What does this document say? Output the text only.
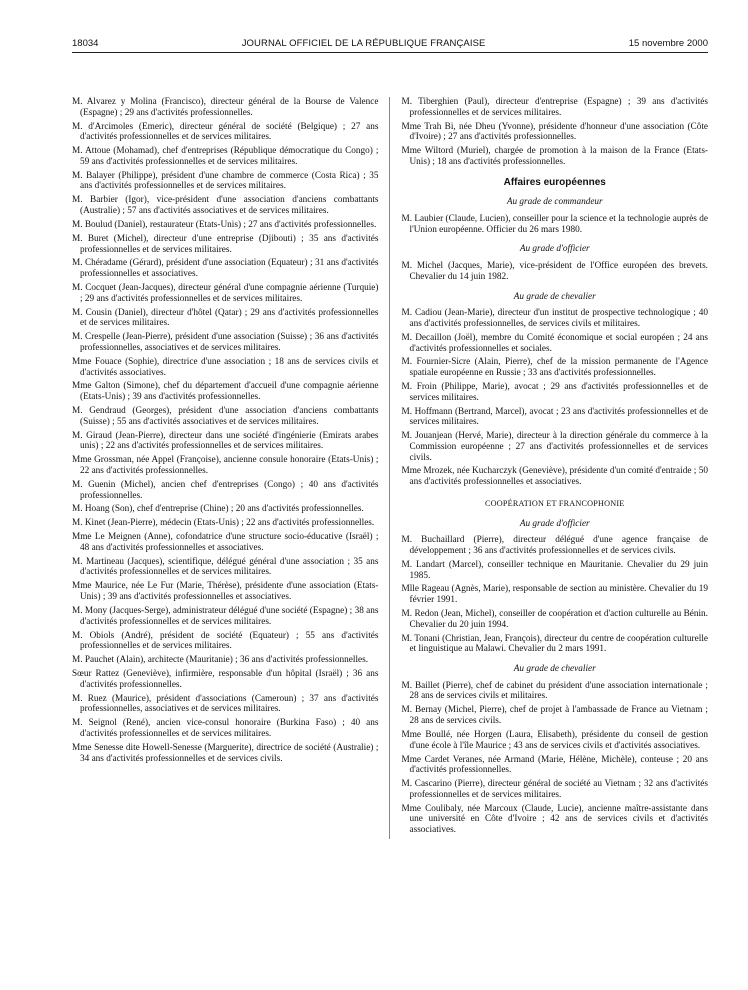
18034	JOURNAL OFFICIEL DE LA RÉPUBLIQUE FRANÇAISE	15 novembre 2000

M. Alvarez y Molina (Francisco), directeur général de la Bourse de Valence (Espagne) ; 29 ans d'activités professionnelles.

M. d'Arcimoles (Emeric), directeur général de société (Belgique) ; 27 ans d'activités professionnelles et de services militaires.

M. Attoue (Mohamad), chef d'entreprises (République démocratique du Congo) ; 59 ans d'activités professionnelles et de services militaires.

M. Balayer (Philippe), président d'une chambre de commerce (Costa Rica) ; 35 ans d'activités professionnelles et de services militaires.

M. Barbier (Igor), vice-président d'une association d'anciens combattants (Australie) ; 57 ans d'activités associatives et de services militaires.

M. Boulud (Daniel), restaurateur (Etats-Unis) ; 27 ans d'activités professionnelles.

M. Buret (Michel), directeur d'une entreprise (Djibouti) ; 35 ans d'activités professionnelles et de services militaires.

M. Chéradame (Gérard), président d'une association (Equateur) ; 31 ans d'activités professionnelles et associatives.

M. Cocquet (Jean-Jacques), directeur général d'une compagnie aérienne (Turquie) ; 29 ans d'activités professionnelles et de services militaires.

M. Cousin (Daniel), directeur d'hôtel (Qatar) ; 29 ans d'activités professionnelles et de services militaires.

M. Crespelle (Jean-Pierre), président d'une association (Suisse) ; 36 ans d'activités professionnelles, associatives et de services militaires.

Mme Fouace (Sophie), directrice d'une association ; 18 ans de services civils et d'activités associatives.

Mme Galton (Simone), chef du département d'accueil d'une compagnie aérienne (Etats-Unis) ; 39 ans d'activités professionnelles.

M. Gendraud (Georges), président d'une association d'anciens combattants (Suisse) ; 55 ans d'activités associatives et de services militaires.

M. Giraud (Jean-Pierre), directeur dans une société d'ingénierie (Emirats arabes unis) ; 22 ans d'activités professionnelles et de services militaires.

Mme Grossman, née Appel (Françoise), ancienne consule honoraire (Etats-Unis) ; 22 ans d'activités professionnelles.

M. Guenin (Michel), ancien chef d'entreprises (Congo) ; 40 ans d'activités professionnelles.

M. Hoang (Son), chef d'entreprise (Chine) ; 20 ans d'activités professionnelles.

M. Kinet (Jean-Pierre), médecin (Etats-Unis) ; 22 ans d'activités professionnelles.

Mme Le Meignen (Anne), cofondatrice d'une structure socio-éducative (Israël) ; 48 ans d'activités professionnelles et associatives.

M. Martineau (Jacques), scientifique, délégué général d'une association ; 35 ans d'activités professionnelles et de services militaires.

Mme Maurice, née Le Fur (Marie, Thérèse), présidente d'une association (Etats-Unis) ; 39 ans d'activités professionnelles et associatives.

M. Mony (Jacques-Serge), administrateur délégué d'une société (Espagne) ; 38 ans d'activités professionnelles et de services militaires.

M. Obiols (André), président de société (Equateur) ; 55 ans d'activités professionnelles et de services militaires.

M. Pauchet (Alain), architecte (Mauritanie) ; 36 ans d'activités professionnelles.

Sœur Rattez (Geneviève), infirmière, responsable d'un hôpital (Israël) ; 36 ans d'activités professionnelles.

M. Ruez (Maurice), président d'associations (Cameroun) ; 37 ans d'activités professionnelles, associatives et de services militaires.

M. Seignol (René), ancien vice-consul honoraire (Burkina Faso) ; 40 ans d'activités professionnelles et de services militaires.

Mme Senesse dite Howell-Senesse (Marguerite), directrice de société (Australie) ; 34 ans d'activités professionnelles et de services civils.

M. Tiberghien (Paul), directeur d'entreprise (Espagne) ; 39 ans d'activités professionnelles et de services militaires.

Mme Trah Bi, née Dheu (Yvonne), présidente d'honneur d'une association (Côte d'Ivoire) ; 27 ans d'activités professionnelles.

Mme Wiltord (Muriel), chargée de promotion à la maison de la France (Etats-Unis) ; 18 ans d'activités professionnelles.

Affaires européennes
Au grade de commandeur

M. Laubier (Claude, Lucien), conseiller pour la science et la technologie auprès de l'Union européenne. Officier du 26 mars 1980.

Au grade d'officier

M. Michel (Jacques, Marie), vice-président de l'Office européen des brevets. Chevalier du 14 juin 1982.

Au grade de chevalier

M. Cadiou (Jean-Marie), directeur d'un institut de prospective technologique ; 40 ans d'activités professionnelles, de services civils et militaires.

M. Decaillon (Joël), membre du Comité économique et social européen ; 24 ans d'activités professionnelles et sociales.

M. Fournier-Sicre (Alain, Pierre), chef de la mission permanente de l'Agence spatiale européenne en Russie ; 33 ans d'activités professionnelles.

M. Froin (Philippe, Marie), avocat ; 29 ans d'activités professionnelles et de services militaires.

M. Hoffmann (Bertrand, Marcel), avocat ; 23 ans d'activités professionnelles et de services militaires.

M. Jouanjean (Hervé, Marie), directeur à la direction générale du commerce à la Commission européenne ; 27 ans d'activités professionnelles et de services civils.

Mme Mrozek, née Kucharczyk (Geneviève), présidente d'un comité d'entraide ; 50 ans d'activités professionnelles et associatives.

COOPÉRATION ET FRANCOPHONIE
Au grade d'officier

M. Buchaillard (Pierre), directeur délégué d'une agence française de développement ; 36 ans d'activités professionnelles et de services civils.

M. Landart (Marcel), conseiller technique en Mauritanie. Chevalier du 29 juin 1985.

Mlle Rageau (Agnès, Marie), responsable de section au ministère. Chevalier du 19 février 1991.

M. Redon (Jean, Michel), conseiller de coopération et d'action culturelle au Bénin. Chevalier du 20 juin 1994.

M. Tonani (Christian, Jean, François), directeur du centre de coopération culturelle et linguistique au Malawi. Chevalier du 2 mars 1991.

Au grade de chevalier

M. Baillet (Pierre), chef de cabinet du président d'une association internationale ; 28 ans de services civils et militaires.

M. Bernay (Michel, Pierre), chef de projet à l'ambassade de France au Vietnam ; 28 ans de services civils.

Mme Boullé, née Horgen (Laura, Elisabeth), présidente du conseil de gestion d'une école à l'île Maurice ; 43 ans de services civils et d'activités associatives.

Mme Cardet Veranes, née Armand (Marie, Hélène, Michèle), conteuse ; 20 ans d'activités professionnelles.

M. Cascarino (Pierre), directeur général de société au Vietnam ; 32 ans d'activités professionnelles et de services militaires.

Mme Coulibaly, née Marcoux (Claude, Lucie), ancienne maître-assistante dans une université en Côte d'Ivoire ; 42 ans de services civils et d'activités associatives.
